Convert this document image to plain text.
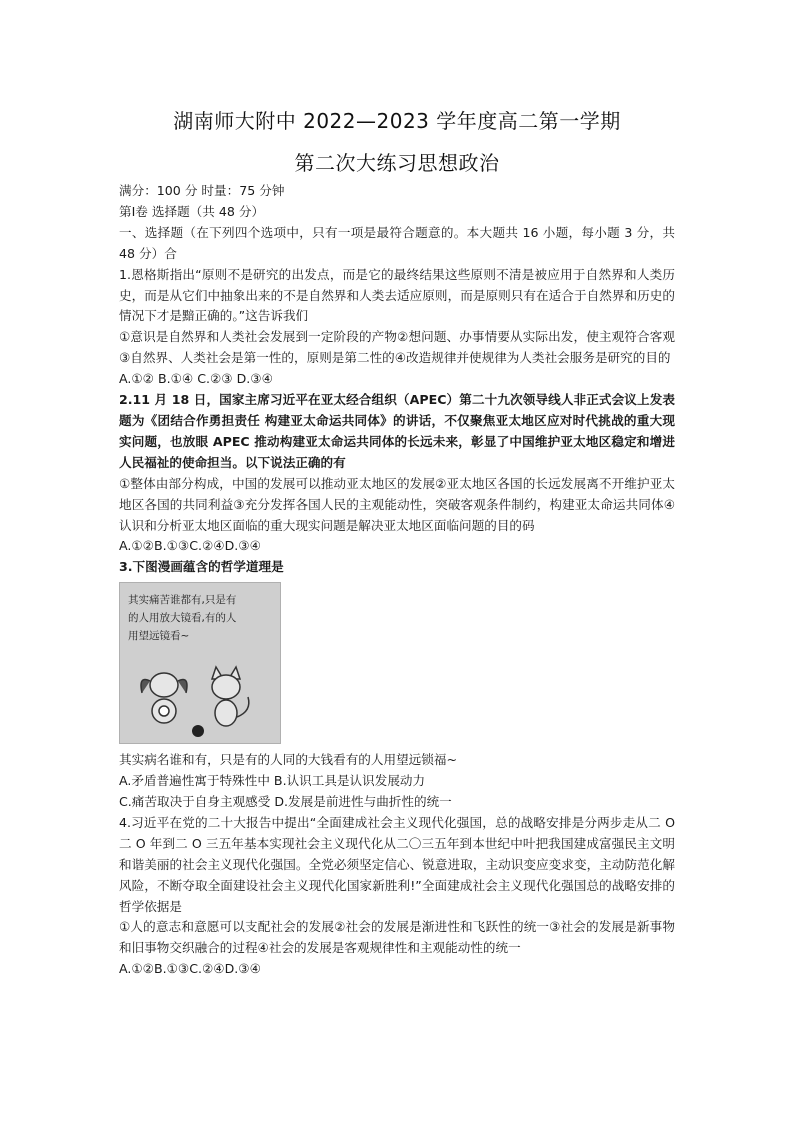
湖南师大附中 2022—2023 学年度高二第一学期
第二次大练习思想政治

满分：100 分 时量：75 分钟

第Ⅰ卷 选择题（共 48 分）

一、选择题（在下列四个选项中，只有一项是最符合题意的。本大题共 16 小题，每小题 3 分，共 48 分）合

1.恩格斯指出“原则不是研究的出发点，而是它的最终结果这些原则不清是被应用于自然界和人类历史，而是从它们中抽象出来的不是自然界和人类去适应原则，而是原则只有在适合于自然界和历史的情况下才是黯正确的。”这告诉我们

①意识是自然界和人类社会发展到一定阶段的产物②想问题、办事情要从实际出发，使主观符合客观③自然界、人类社会是第一性的，原则是第二性的④改造规律并使规律为人类社会服务是研究的目的

A.①② B.①④ C.②③ D.③④

2.11 月 18 日，国家主席习近平在亚太经合组织（APEC）第二十九次领导线人非正式会议上发表题为《团结合作勇担责任 构建亚太命运共同体》的讲话，不仅聚焦亚太地区应对时代挑战的重大现实问题，也放眼 APEC 推动构建亚太命运共同体的长远未来，彰显了中国维护亚太地区稳定和增进人民福祉的使命担当。以下说法正确的有

①整体由部分构成，中国的发展可以推动亚太地区的发展②亚太地区各国的长远发展离不开维护亚太地区各国的共同利益③充分发挥各国人民的主观能动性，突破客观条件制约，构建亚太命运共同体④认识和分析亚太地区面临的重大现实问题是解决亚太地区面临问题的目的码

A.①②B.①③C.②④D.③④

3.下图漫画蕴含的哲学道理是

其实痛苦谁都有,只是有
的人用放大镜看,有的人
用望远镜看~

其实病名谁和有，只是有的人同的大钱看有的人用望远锁福~

A.矛盾普遍性寓于特殊性中 B.认识工具是认识发展动力

C.痛苦取决于自身主观感受 D.发展是前进性与曲折性的统一

4.习近平在党的二十大报告中提出“全面建成社会主义现代化强国，总的战略安排是分两步走从二 O 二 O 年到二 O 三五年基本实现社会主义现代化从二〇三五年到本世纪中叶把我国建成富强民主文明和谐美丽的社会主义现代化强国。全党必须坚定信心、锐意进取，主动识变应变求变，主动防范化解风险，不断夺取全面建设社会主义现代化国家新胜利!”全面建成社会主义现代化强国总的战略安排的哲学依据是

①人的意志和意愿可以支配社会的发展②社会的发展是渐进性和飞跃性的统一③社会的发展是新事物和旧事物交织融合的过程④社会的发展是客观规律性和主观能动性的统一

A.①②B.①③C.②④D.③④
